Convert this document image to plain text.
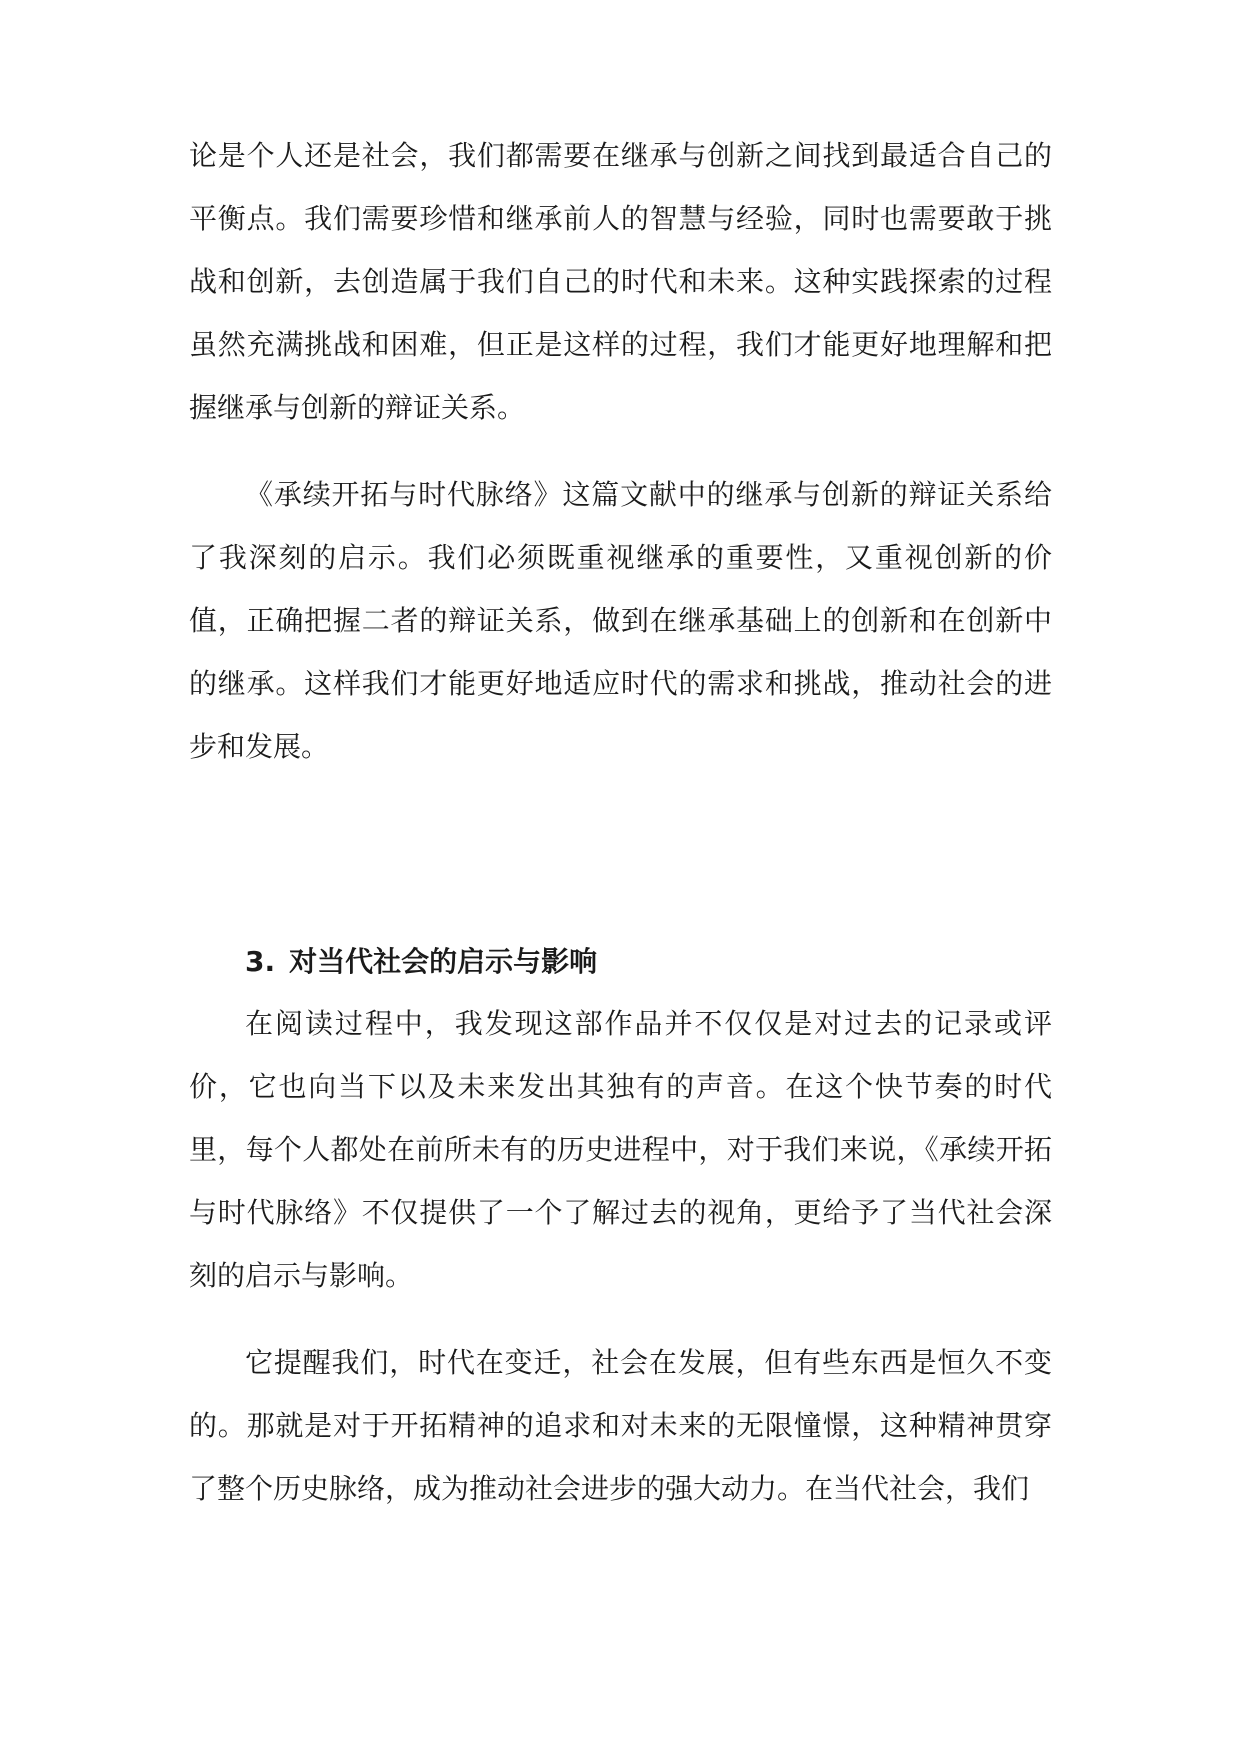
论是个人还是社会，我们都需要在继承与创新之间找到最适合自己的平衡点。我们需要珍惜和继承前人的智慧与经验，同时也需要敢于挑战和创新，去创造属于我们自己的时代和未来。这种实践探索的过程虽然充满挑战和困难，但正是这样的过程，我们才能更好地理解和把握继承与创新的辩证关系。

《承续开拓与时代脉络》这篇文献中的继承与创新的辩证关系给了我深刻的启示。我们必须既重视继承的重要性，又重视创新的价值，正确把握二者的辩证关系，做到在继承基础上的创新和在创新中的继承。这样我们才能更好地适应时代的需求和挑战，推动社会的进步和发展。

3. 对当代社会的启示与影响

在阅读过程中，我发现这部作品并不仅仅是对过去的记录或评价，它也向当下以及未来发出其独有的声音。在这个快节奏的时代里，每个人都处在前所未有的历史进程中，对于我们来说，《承续开拓与时代脉络》不仅提供了一个了解过去的视角，更给予了当代社会深刻的启示与影响。

它提醒我们，时代在变迁，社会在发展，但有些东西是恒久不变的。那就是对于开拓精神的追求和对未来的无限憧憬，这种精神贯穿了整个历史脉络，成为推动社会进步的强大动力。在当代社会，我们
